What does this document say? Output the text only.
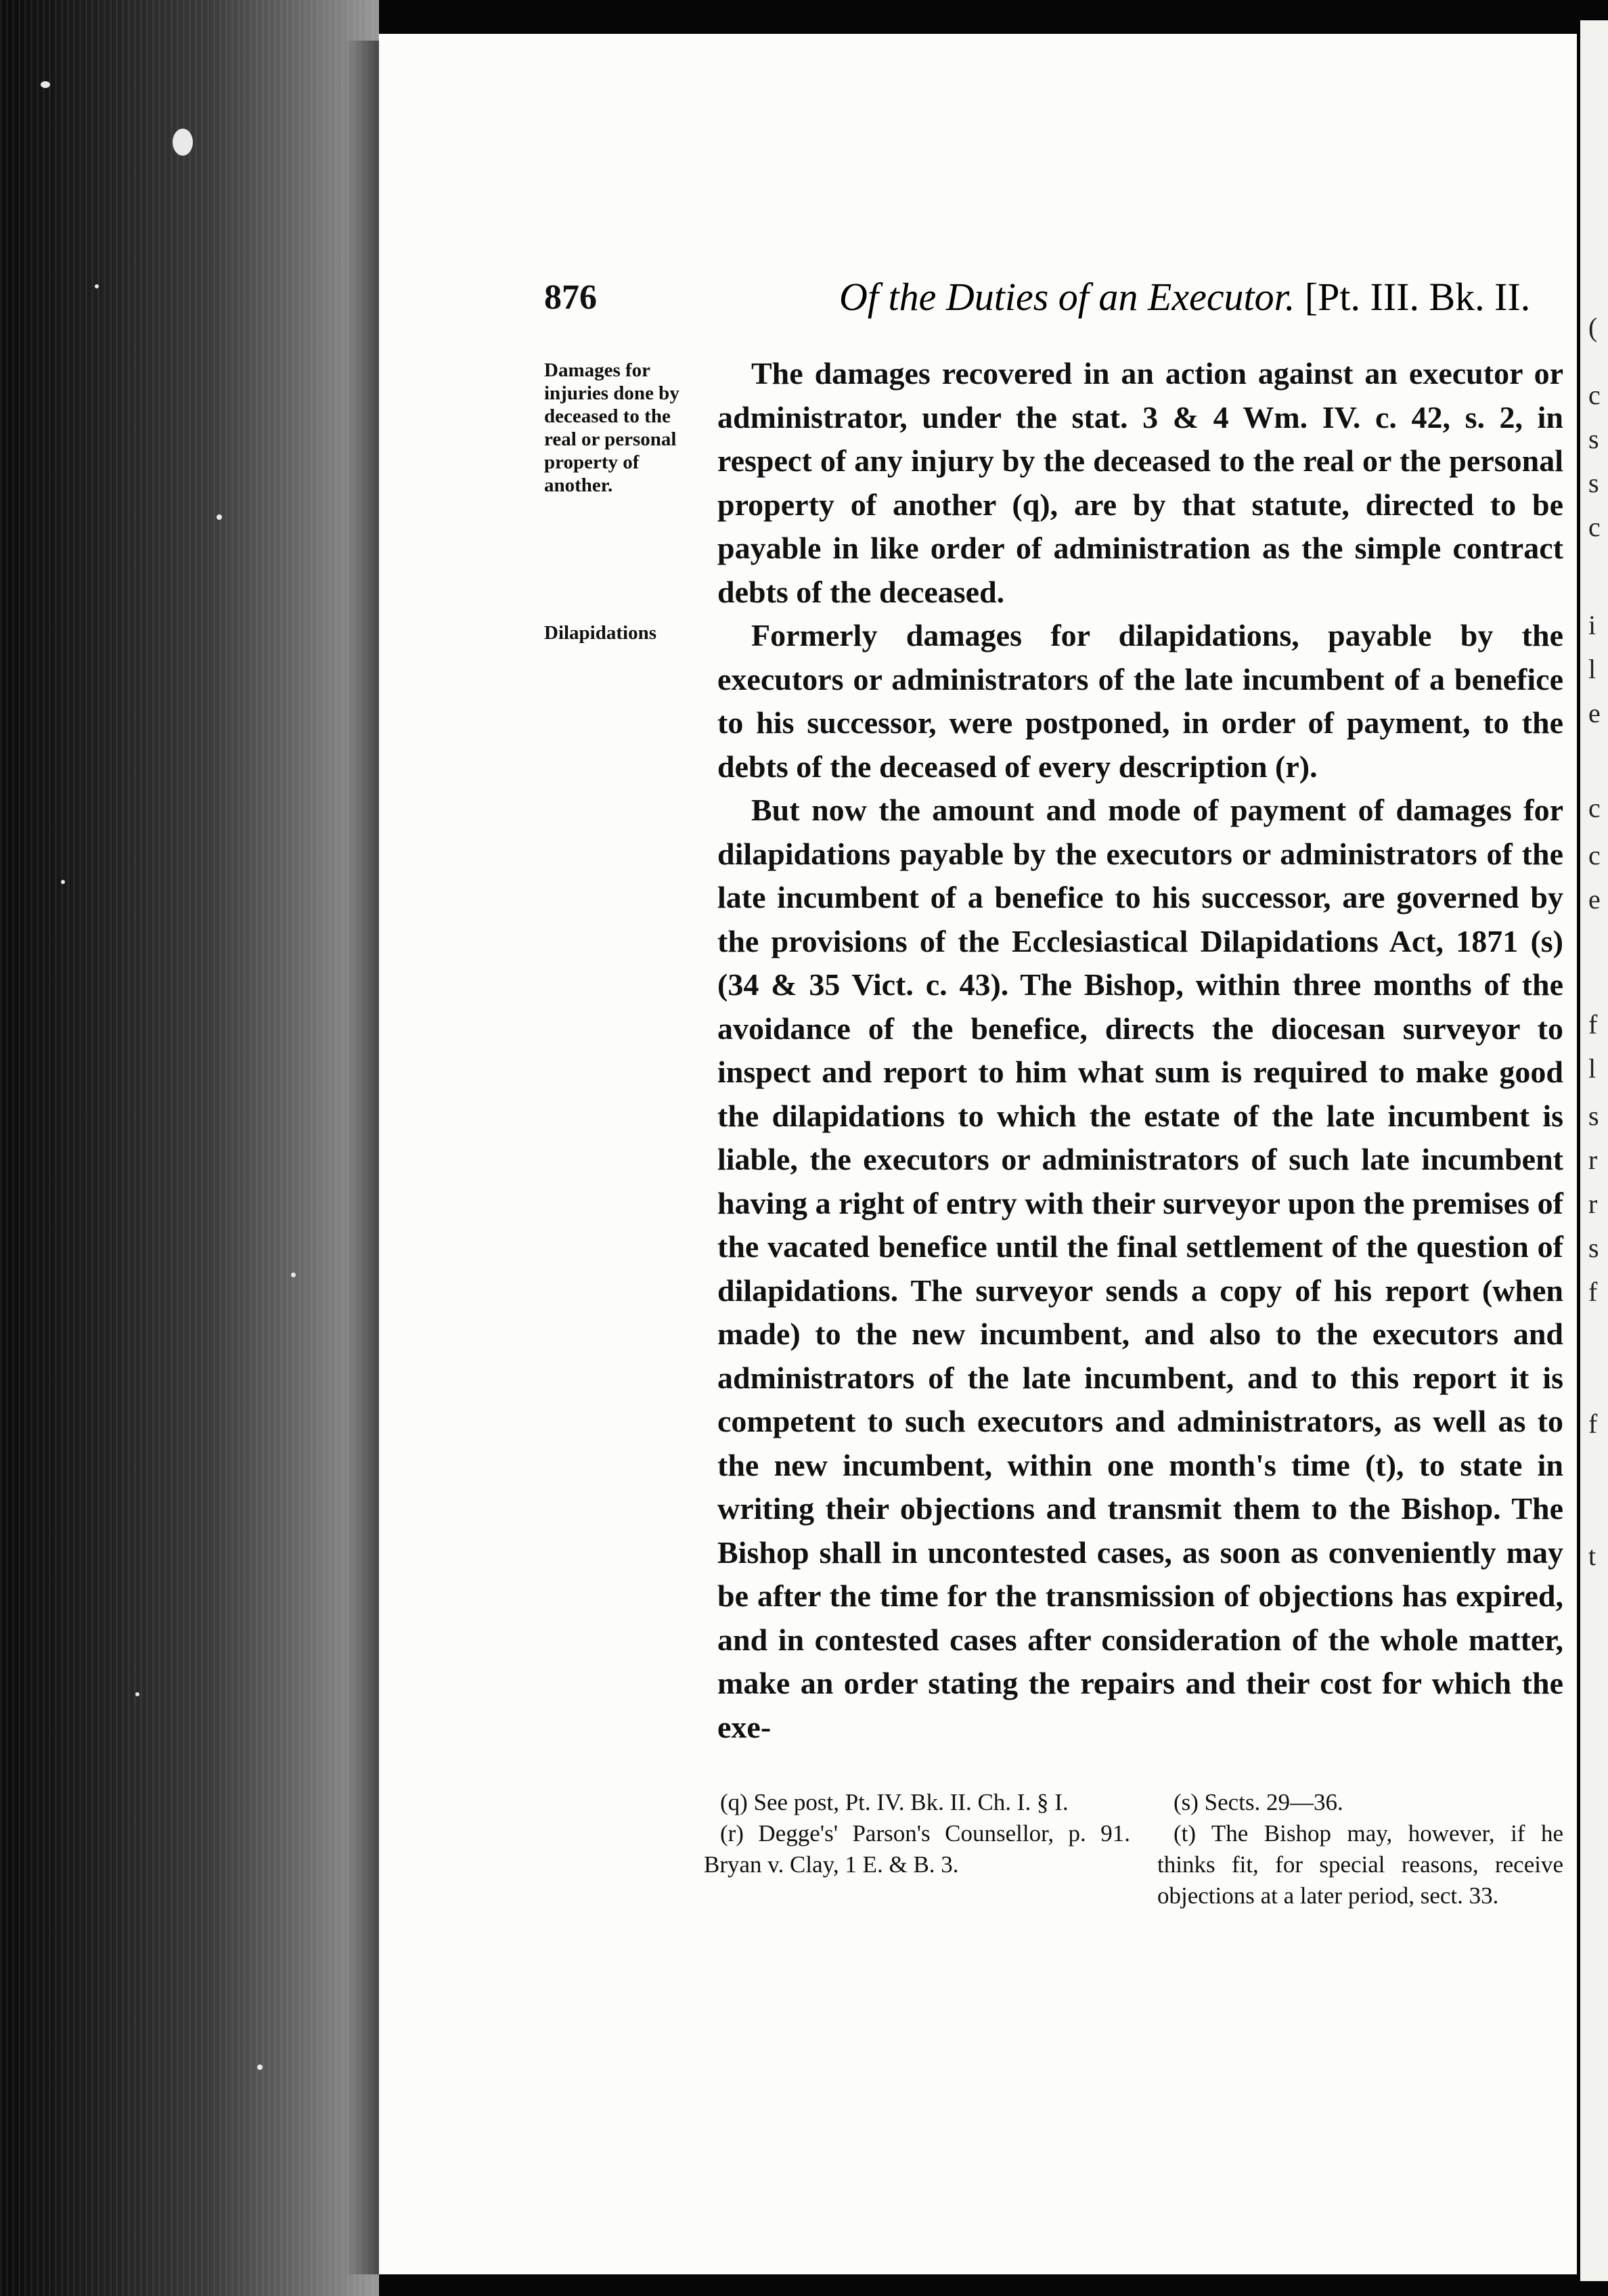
(
c
s
s
c
i
l
e
c
c
e
f
l
s
r
r
s
f
f
t
876	Of the Duties of an Executor. [Pt. III. Bk. II.
Damages for injuries done by deceased to the real or personal property of another.
Dilapidations

The damages recovered in an action against an executor or administrator, under the stat. 3 & 4 Wm. IV. c. 42, s. 2, in respect of any injury by the deceased to the real or the personal property of another (q), are by that statute, directed to be payable in like order of administration as the simple contract debts of the deceased.

Formerly damages for dilapidations, payable by the executors or administrators of the late incumbent of a benefice to his successor, were postponed, in order of payment, to the debts of the deceased of every description (r).

But now the amount and mode of payment of damages for dilapidations payable by the executors or administrators of the late incumbent of a benefice to his successor, are governed by the provisions of the Ecclesiastical Dilapidations Act, 1871 (s) (34 & 35 Vict. c. 43). The Bishop, within three months of the avoidance of the benefice, directs the diocesan surveyor to inspect and report to him what sum is required to make good the dilapidations to which the estate of the late incumbent is liable, the executors or administrators of such late incumbent having a right of entry with their surveyor upon the premises of the vacated benefice until the final settlement of the question of dilapidations. The surveyor sends a copy of his report (when made) to the new incumbent, and also to the executors and administrators of the late incumbent, and to this report it is competent to such executors and administrators, as well as to the new incumbent, within one month's time (t), to state in writing their objections and transmit them to the Bishop. The Bishop shall in uncontested cases, as soon as conveniently may be after the time for the transmission of objections has expired, and in contested cases after consideration of the whole matter, make an order stating the repairs and their cost for which the exe-

(q) See post, Pt. IV. Bk. II. Ch. I. § I.

(r) Degge's' Parson's Counsellor, p. 91. Bryan v. Clay, 1 E. & B. 3.

(s) Sects. 29—36.

(t) The Bishop may, however, if he thinks fit, for special reasons, receive objections at a later period, sect. 33.
